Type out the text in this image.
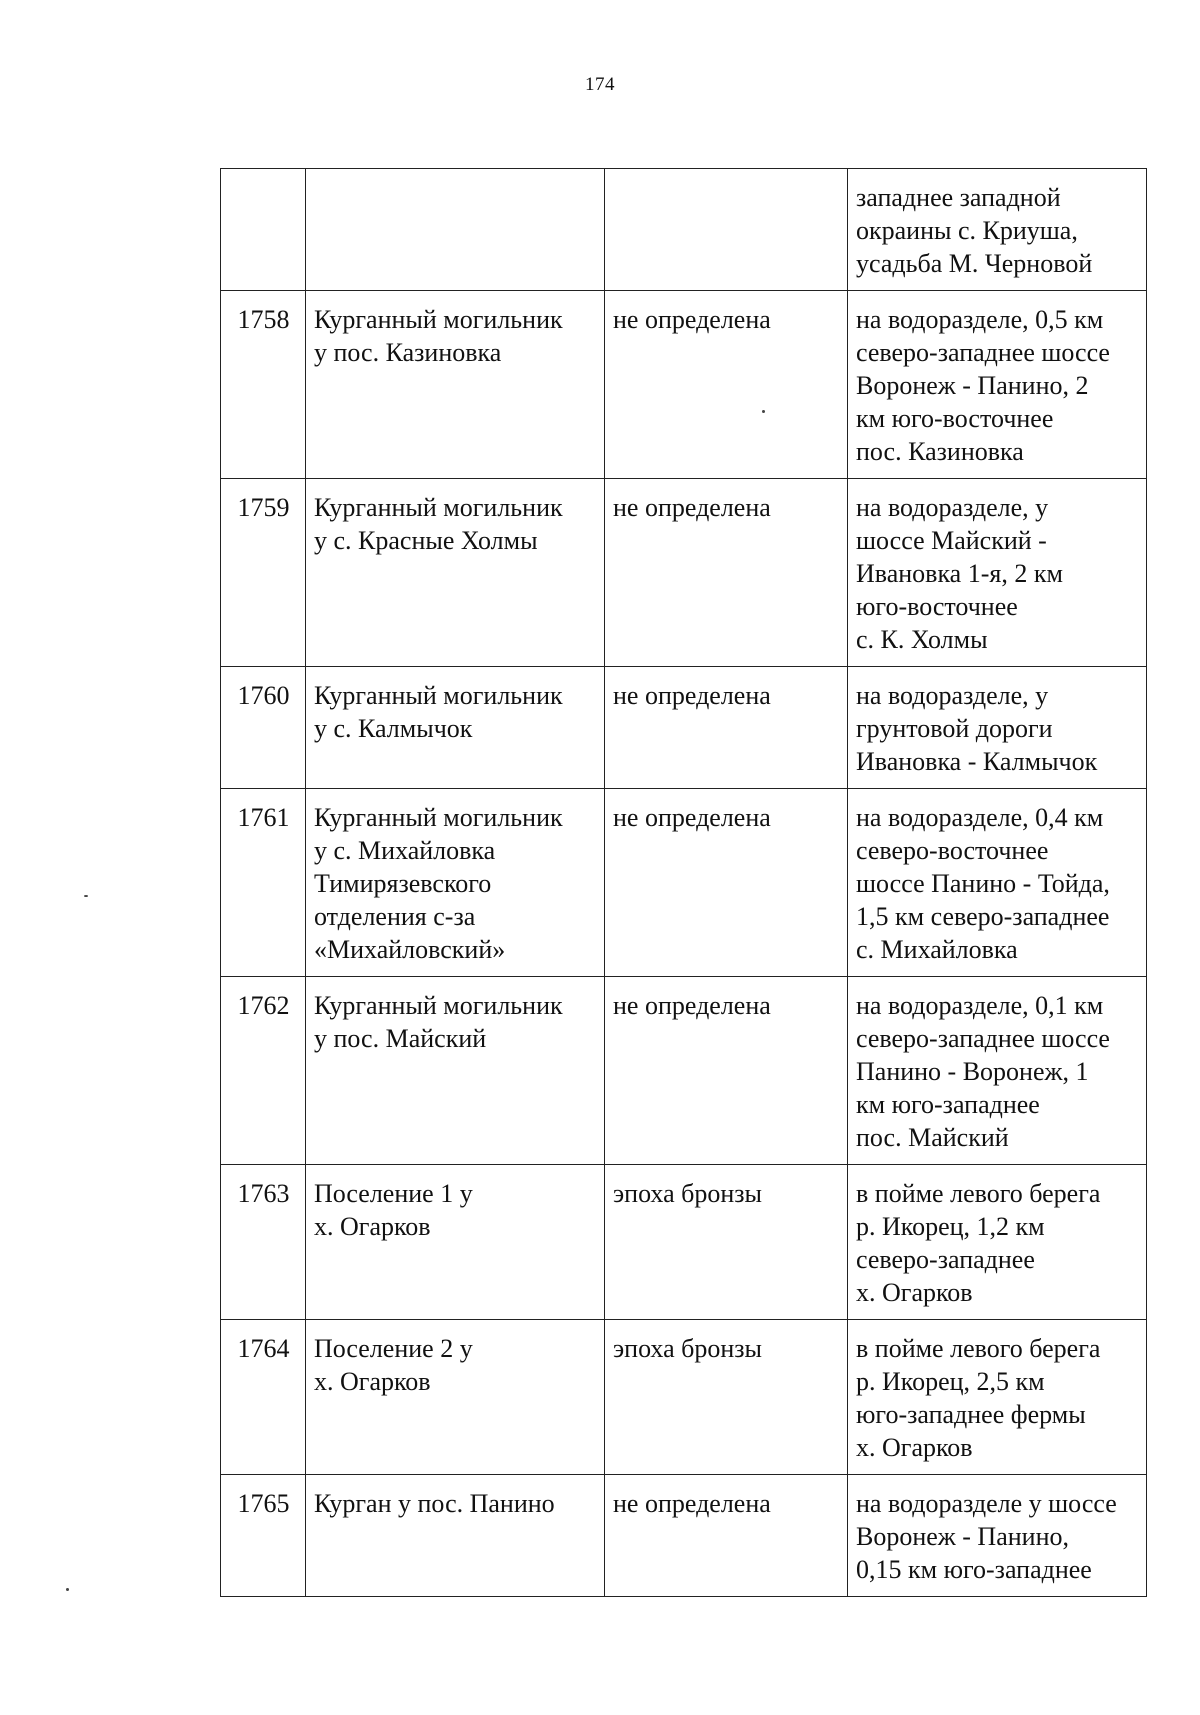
174

			западнее западной
окраины с. Криуша,
усадьба М. Черновой

1758	Курганный могильник
у пос. Казиновка	не определена	на водоразделе, 0,5 км
северо-западнее шоссе
Воронеж - Панино, 2
км юго-восточнее
пос. Казиновка

1759	Курганный могильник
у с. Красные Холмы	не определена	на водоразделе, у
шоссе Майский -
Ивановка 1-я, 2 км
юго-восточнее
с. К. Холмы

1760	Курганный могильник
у с. Калмычок	не определена	на водоразделе, у
грунтовой дороги
Ивановка - Калмычок

1761	Курганный могильник
у с. Михайловка
Тимирязевского
отделения с-за
«Михайловский»	не определена	на водоразделе, 0,4 км
северо-восточнее
шоссе Панино - Тойда,
1,5 км северо-западнее
с. Михайловка

1762	Курганный могильник
у пос. Майский	не определена	на водоразделе, 0,1 км
северо-западнее шоссе
Панино - Воронеж, 1
км юго-западнее
пос. Майский

1763	Поселение 1 у
х. Огарков	эпоха бронзы	в пойме левого берега
р. Икорец, 1,2 км
северо-западнее
х. Огарков

1764	Поселение 2 у
х. Огарков	эпоха бронзы	в пойме левого берега
р. Икорец, 2,5 км
юго-западнее фермы
х. Огарков

1765	Курган у пос. Панино	не определена	на водоразделе у шоссе
Воронеж - Панино,
0,15 км юго-западнее
